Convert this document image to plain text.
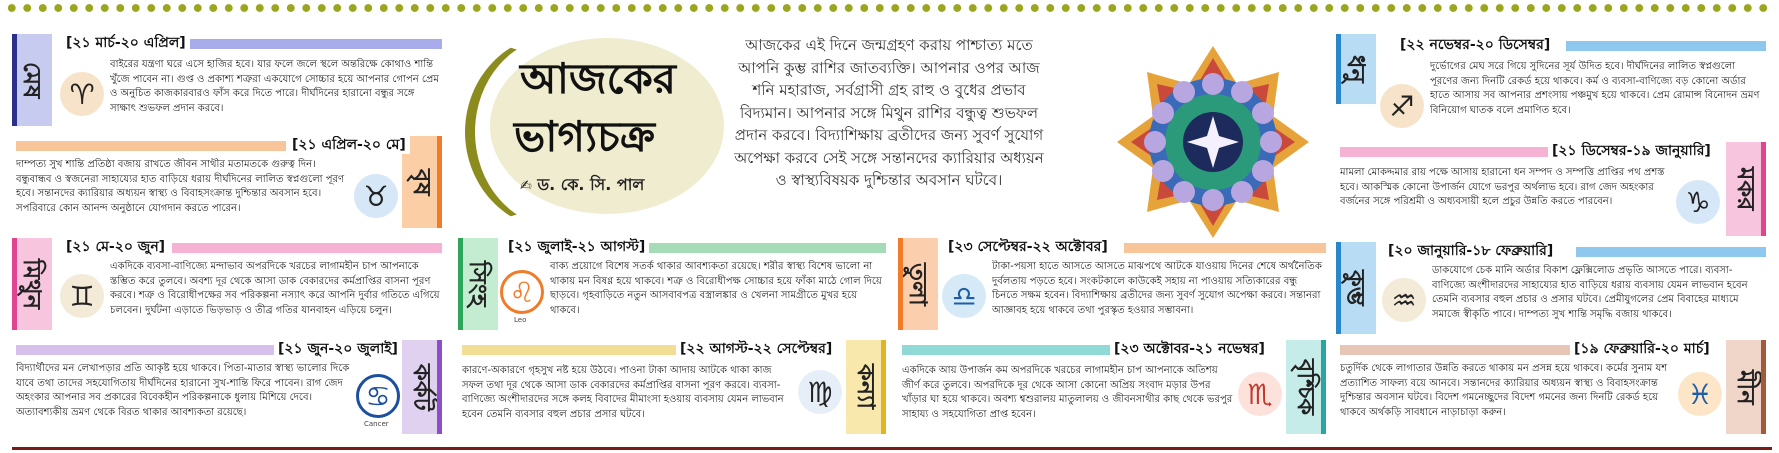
মেষ
[২১ মার্চ-২০ এপ্রিল]
♈
বাইরের যন্ত্রণা ঘরে এসে হাজির হবে। যার ফলে জলে স্থলে অন্তরিক্ষে কোথাও শান্তি খুঁজে পাবেন না। গুপ্ত ও প্রকাশ্য শত্রুরা একযোগে সোচ্চার হয়ে আপনার গোপন প্রেম ও অনুচিত কাজকারবারও ফাঁস করে দিতে পারে। দীর্ঘদিনের হারানো বন্ধুর সঙ্গে সাক্ষাৎ শুভফল প্রদান করবে।
বৃষ
[২১ এপ্রিল-২০ মে]
♉
দাম্পত্য সুখ শান্তি প্রতিষ্ঠা বজায় রাখতে জীবন সাথীর মতামতকে গুরুত্ব দিন। বন্ধুবান্ধব ও স্বজনেরা সাহায্যের হাত বাড়িয়ে ধরায় দীর্ঘদিনের লালিত স্বপ্নগুলো পূরণ হবে। সন্তানদের ক্যারিয়ার অধ্যয়ন স্বাস্থ্য ও বিবাহসংক্রান্ত দুশ্চিন্তার অবসান হবে। সপরিবারে কোন আনন্দ অনুষ্ঠানে যোগদান করতে পারেন।
মিথুন
[২১ মে-২০ জুন]
♊
একদিকে ব্যবসা-বাণিজ্যে মন্দাভাব অপরদিকে খরচের লাগামহীন চাপ আপনাকে স্তম্ভিত করে তুলবে। অবশ্য দূর থেকে আসা ডাক বেকারদের কর্মপ্রাপ্তির বাসনা পূরণ করবে। শত্রু ও বিরোধীপক্ষের সব পরিকল্পনা নস্যাৎ করে আপনি দুর্বার গতিতে এগিয়ে চলবেন। দুর্ঘটনা এড়াতে ভিড়ভাড় ও তীব্র গতির যানবাহন এড়িয়ে চলুন।
কর্কট
[২১ জুন-২০ জুলাই]
♋
Cancer
বিদ্যার্থীদের মন লেখাপড়ার প্রতি আকৃষ্ট হয়ে থাকবে। পিতা-মাতার স্বাস্থ্য ভালোর দিকে যাবে তথা তাদের সহযোগিতায় দীর্ঘদিনের হারানো সুখ-শান্তি ফিরে পাবেন। রাগ জেদ অহংকার আপনার সব প্রকারের বিবেকহীন পরিকল্পনাকে ধুলায় মিশিয়ে দেবে। অত্যাবশ্যকীয় ভ্রমণ থেকে বিরত থাকার আবশ্যকতা রয়েছে।
আজকের
ভাগ্যচক্র
✍ ড. কে. সি. পাল
আজকের এই দিনে জন্মগ্রহণ করায় পাশ্চাত্য মতে আপনি কুম্ভ রাশির জাতব্যক্তি। আপনার ওপর আজ শনি মহারাজ, সর্বগ্রাসী গ্রহ রাহু ও বুধের প্রভাব বিদ্যমান। আপনার সঙ্গে মিথুন রাশির বন্ধুত্ব শুভফল প্রদান করবে। বিদ্যাশিক্ষায় ব্রতীদের জন্য সুবর্ণ সুযোগ অপেক্ষা করবে সেই সঙ্গে সন্তানদের ক্যারিয়ার অধ্যয়ন ও স্বাস্থ্যবিষয়ক দুশ্চিন্তার অবসান ঘটবে।
সিংহ
[২১ জুলাই-২১ আগস্ট]
♌
Leo
বাক্য প্রয়োগে বিশেষ সতর্ক থাকার আবশ্যকতা রয়েছে। শরীর স্বাস্থ্য বিশেষ ভালো না থাকায় মন বিষণ্ণ হয়ে থাকবে। শত্রু ও বিরোধীপক্ষ সোচ্চার হয়ে ফাঁকা মাঠে গোল দিয়ে ছাড়বে। গৃহবাড়িতে নতুন আসবাবপত্র বস্ত্রালঙ্কার ও খেলনা সামগ্রীতে মুখর হয়ে থাকবে।
কন্যা
[২২ আগস্ট-২২ সেপ্টেম্বর]
♍
কারণে-অকারণে গৃহসুখ নষ্ট হয়ে উঠবে। পাওনা টাকা আদায় আটকে থাকা কাজ সফল তথা দূর থেকে আসা ডাক বেকারদের কর্মপ্রাপ্তির বাসনা পূরণ করবে। ব্যবসা-বাণিজ্যে অংশীদারদের সঙ্গে কলহ বিবাদের মীমাংসা হওয়ায় ব্যবসায় যেমন লাভবান হবেন তেমনি ব্যবসার বহুল প্রচার প্রসার ঘটবে।
তুলা
[২৩ সেপ্টেম্বর-২২ অক্টোবর]
♎
টাকা-পয়সা হাতে আসতে আসতে মাঝপথে আটকে যাওয়ায় দিনের শেষে অর্থনৈতিক দুর্বলতায় পড়তে হবে। সংকটকালে কাউকেই সহায় না পাওয়ায় সত্যিকারের বন্ধু চিনতে সক্ষম হবেন। বিদ্যাশিক্ষায় ব্রতীদের জন্য সুবর্ণ সুযোগ অপেক্ষা করবে। সন্তানরা আজ্ঞাবহ হয়ে থাকবে তথা পুরস্কৃত হওয়ার সম্ভাবনা।
বৃশ্চিক
[২৩ অক্টোবর-২১ নভেম্বর]
♏
একদিকে আয় উপার্জন কম অপরদিকে খরচের লাগামহীন চাপ আপনাকে অতিশয় জীর্ণ করে তুলবে। অপরদিকে দূর থেকে আসা কোনো অপ্রিয় সংবাদ মড়ার উপর খাঁড়ার ঘা হয়ে থাকবে। অবশ্য শ্বশুরালয় মাতুলালয় ও জীবনসাথীর কাছ থেকে ভরপুর সাহায্য ও সহযোগিতা প্রাপ্ত হবেন।
ধনু
[২২ নভেম্বর-২০ ডিসেম্বর]
♐
দুর্ভোগের মেঘ সরে গিয়ে সুদিনের সূর্য উদিত হবে। দীর্ঘদিনের লালিত স্বপ্নগুলো পূরণের জন্য দিনটি রেকর্ড হয়ে থাকবে। কর্ম ও ব্যবসা-বাণিজ্যে বড় কোনো অর্ডার হাতে আসায় সব আপনার প্রশংসায় পঞ্চমুখ হয়ে থাকবে। প্রেম রোমান্স বিনোদন ভ্রমণ বিনিয়োগ ঘাতক বলে প্রমাণিত হবে।
মকর
[২১ ডিসেম্বর-১৯ জানুয়ারি]
♑
মামলা মোকদ্দমার রায় পক্ষে আসায় হারানো ধন সম্পদ ও সম্পত্তি প্রাপ্তির পথ প্রশস্ত হবে। আকস্মিক কোনো উপার্জন যোগে ভরপুর অর্থলাভ হবে। রাগ জেদ অহংকার বর্জনের সঙ্গে পরিশ্রমী ও অধ্যবসায়ী হলে প্রচুর উন্নতি করতে পারবেন।
কুম্ভ
[২০ জানুয়ারি-১৮ ফেব্রুয়ারি]
♒
ডাকযোগে চেক মানি অর্ডার বিকাশ ফ্লেক্সিলোড প্রভৃতি আসতে পারে। ব্যবসা-বাণিজ্যে অংশীদারদের সাহায্যের হাত বাড়িয়ে ধরায় ব্যবসায় যেমন লাভবান হবেন তেমনি ব্যবসার বহুল প্রচার ও প্রসার ঘটবে। প্রেমীযুগলের প্রেম বিবাহের মাধ্যমে সমাজে স্বীকৃতি পাবে। দাম্পত্য সুখ শান্তি সমৃদ্ধি বজায় থাকবে।
মীন
[১৯ ফেব্রুয়ারি-২০ মার্চ]
♓
চতুর্দিক থেকে লাগাতার উন্নতি করতে থাকায় মন প্রসন্ন হয়ে থাকবে। কর্মের সুনাম যশ প্রত্যাশিত সাফল্য বয়ে আনবে। সন্তানদের ক্যারিয়ার অধ্যয়ন স্বাস্থ্য ও বিবাহসংক্রান্ত দুশ্চিন্তার অবসান ঘটবে। বিদেশ গমনেচ্ছুদের বিদেশ গমনের জন্য দিনটি রেকর্ড হয়ে থাকবে অর্থকড়ি সাবধানে নাড়াচাড়া করুন।
